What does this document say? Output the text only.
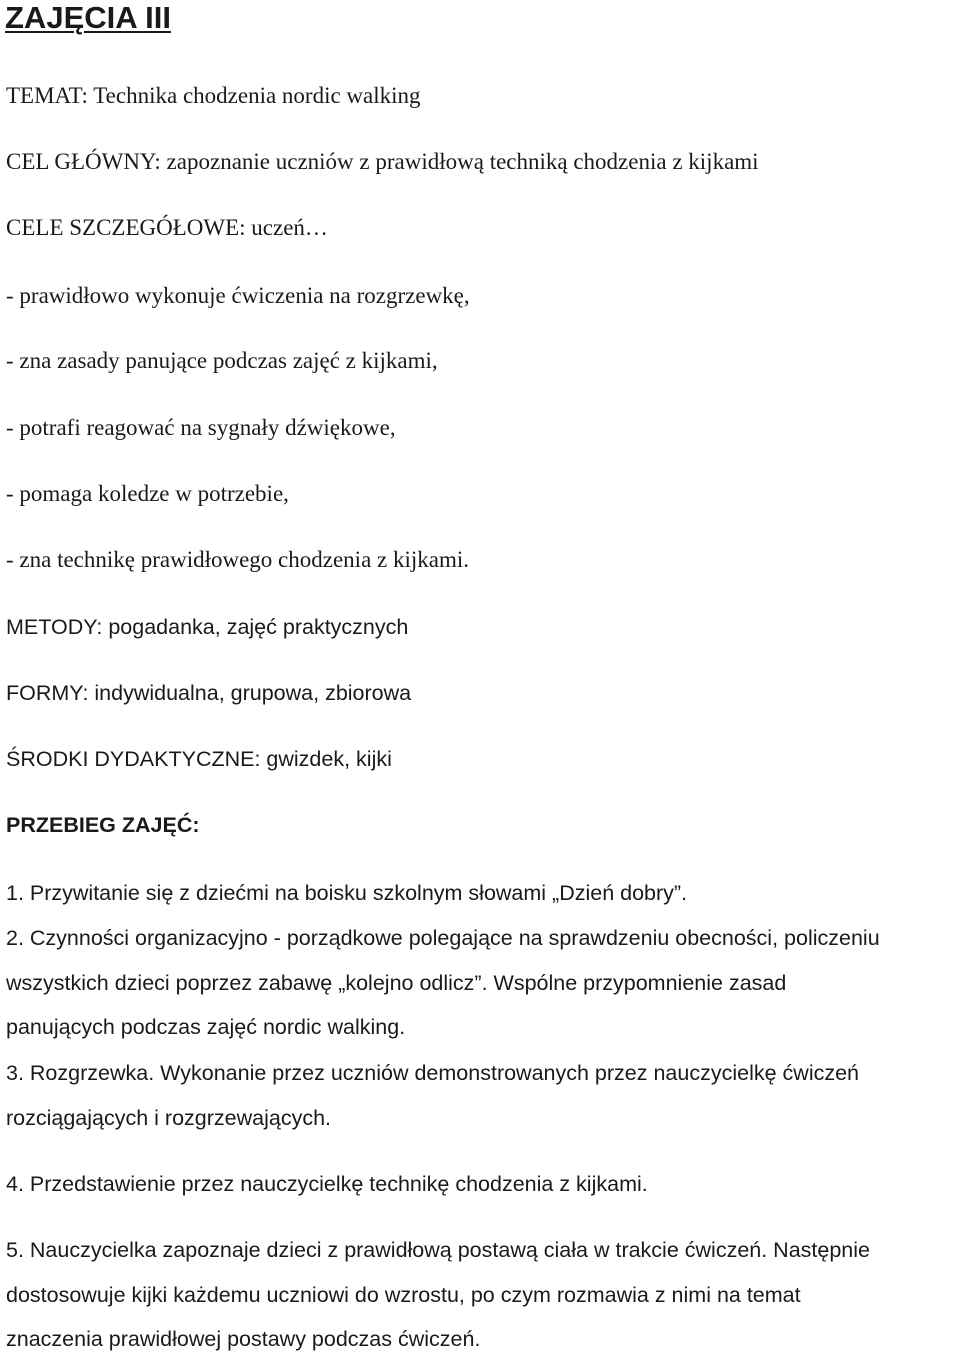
ZAJĘCIA III

TEMAT: Technika chodzenia nordic walking

CEL GŁÓWNY: zapoznanie uczniów z prawidłową techniką chodzenia z kijkami

CELE SZCZEGÓŁOWE: uczeń…

- prawidłowo wykonuje ćwiczenia na rozgrzewkę,

- zna zasady panujące podczas zajęć z kijkami,

- potrafi reagować na sygnały dźwiękowe,

- pomaga koledze w potrzebie,

- zna technikę prawidłowego chodzenia z kijkami.

METODY: pogadanka, zajęć praktycznych

FORMY: indywidualna, grupowa, zbiorowa

ŚRODKI DYDAKTYCZNE: gwizdek, kijki

PRZEBIEG ZAJĘĆ:

1. Przywitanie się z dziećmi na boisku szkolnym słowami „Dzień dobry”.

2. Czynności organizacyjno - porządkowe polegające na sprawdzeniu obecności, policzeniu

wszystkich dzieci poprzez zabawę „kolejno odlicz”. Wspólne przypomnienie zasad

panujących podczas zajęć nordic walking.

3. Rozgrzewka. Wykonanie przez uczniów demonstrowanych przez nauczycielkę ćwiczeń

rozciągających i rozgrzewających.

4. Przedstawienie przez nauczycielkę technikę chodzenia z kijkami.

5. Nauczycielka zapoznaje dzieci z prawidłową postawą ciała w trakcie ćwiczeń. Następnie

dostosowuje kijki każdemu uczniowi do wzrostu, po czym rozmawia z nimi na temat

znaczenia prawidłowej postawy podczas ćwiczeń.
